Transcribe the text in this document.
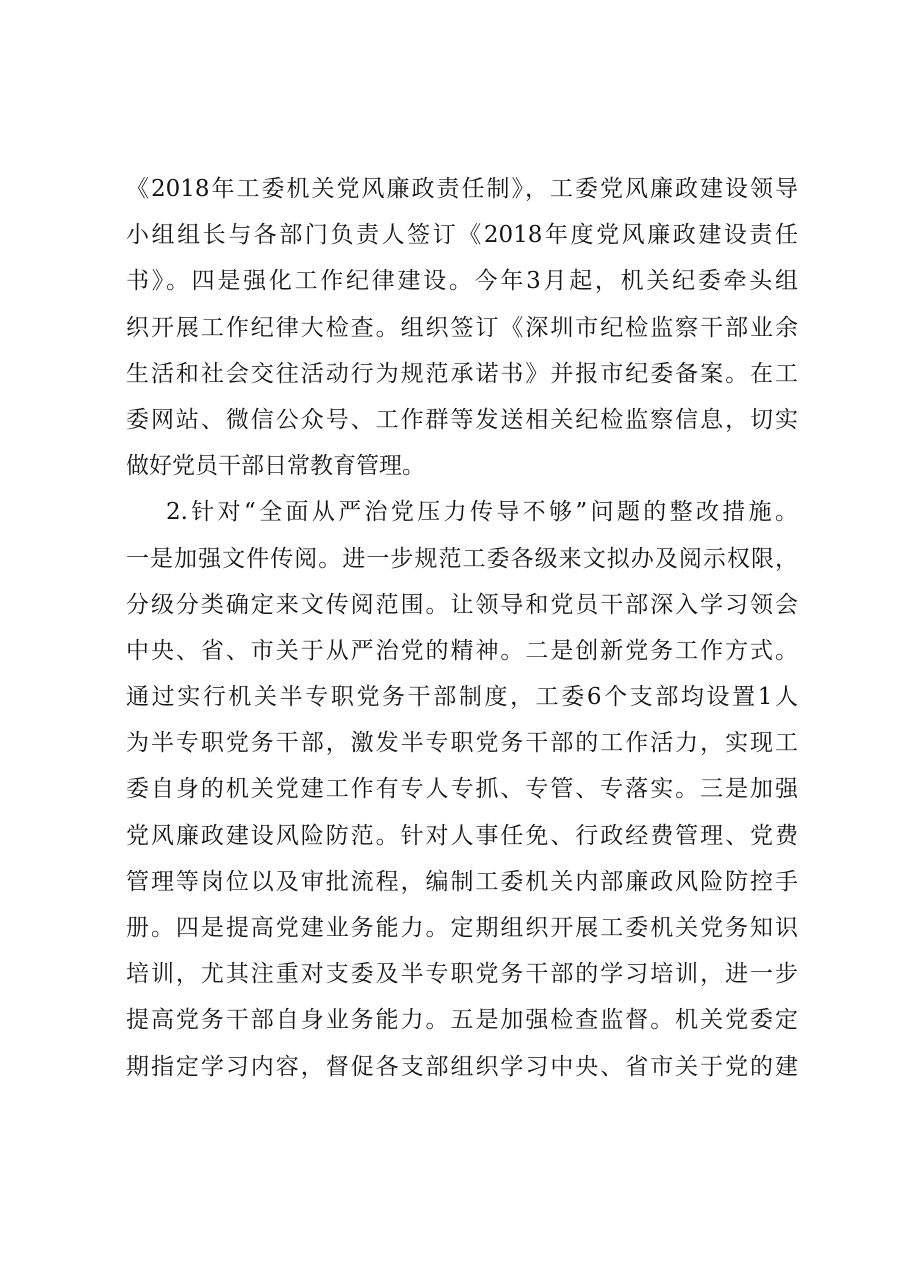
《2018年工委机关党风廉政责任制》，工委党风廉政建设领导
小组组长与各部门负责人签订《2018年度党风廉政建设责任
书》。四是强化工作纪律建设。今年3月起，机关纪委牵头组
织开展工作纪律大检查。组织签订《深圳市纪检监察干部业余
生活和社会交往活动行为规范承诺书》并报市纪委备案。在工
委网站、微信公众号、工作群等发送相关纪检监察信息，切实
做好党员干部日常教育管理。
2.针对“全面从严治党压力传导不够”问题的整改措施。
一是加强文件传阅。进一步规范工委各级来文拟办及阅示权限，
分级分类确定来文传阅范围。让领导和党员干部深入学习领会
中央、省、市关于从严治党的精神。二是创新党务工作方式。
通过实行机关半专职党务干部制度，工委6个支部均设置1人
为半专职党务干部，激发半专职党务干部的工作活力，实现工
委自身的机关党建工作有专人专抓、专管、专落实。三是加强
党风廉政建设风险防范。针对人事任免、行政经费管理、党费
管理等岗位以及审批流程，编制工委机关内部廉政风险防控手
册。四是提高党建业务能力。定期组织开展工委机关党务知识
培训，尤其注重对支委及半专职党务干部的学习培训，进一步
提高党务干部自身业务能力。五是加强检查监督。机关党委定
期指定学习内容，督促各支部组织学习中央、省市关于党的建
